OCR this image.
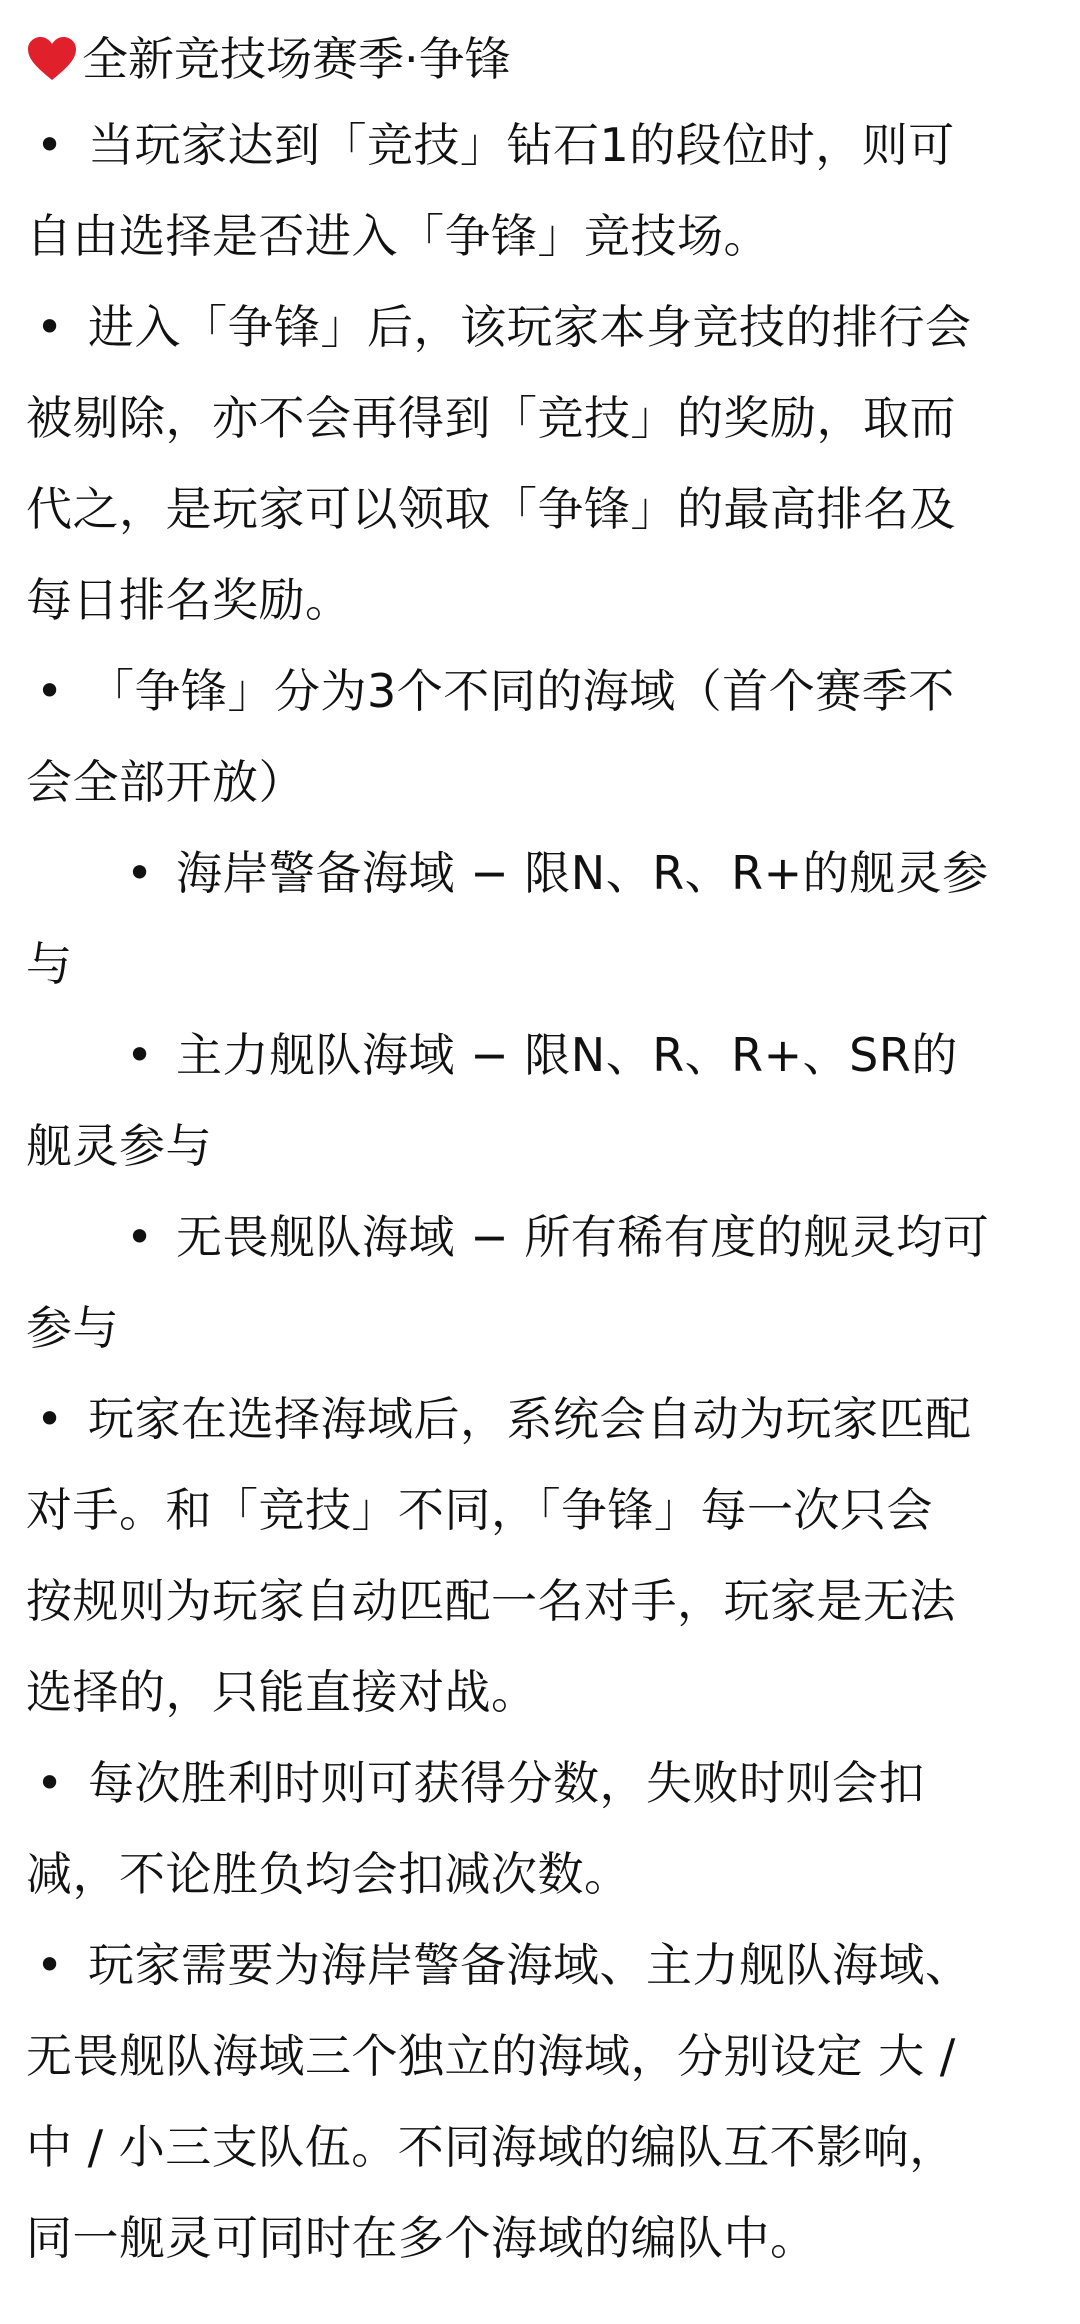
全新竞技场赛季·争锋
• 当玩家达到「竞技」钻石1的段位时，则可
自由选择是否进入「争锋」竞技场。
• 进入「争锋」后，该玩家本身竞技的排行会
被剔除，亦不会再得到「竞技」的奖励，取而
代之，是玩家可以领取「争锋」的最高排名及
每日排名奖励。
• 「争锋」分为3个不同的海域（首个赛季不
会全部开放）
• 海岸警备海域 − 限N、R、R+的舰灵参
与
• 主力舰队海域 − 限N、R、R+、SR的
舰灵参与
• 无畏舰队海域 − 所有稀有度的舰灵均可
参与
• 玩家在选择海域后，系统会自动为玩家匹配
对手。和「竞技」不同，「争锋」每一次只会
按规则为玩家自动匹配一名对手，玩家是无法
选择的，只能直接对战。
• 每次胜利时则可获得分数，失败时则会扣
减，不论胜负均会扣减次数。
• 玩家需要为海岸警备海域、主力舰队海域、
无畏舰队海域三个独立的海域，分别设定 大 /
中 / 小三支队伍。不同海域的编队互不影响，
同一舰灵可同时在多个海域的编队中。
